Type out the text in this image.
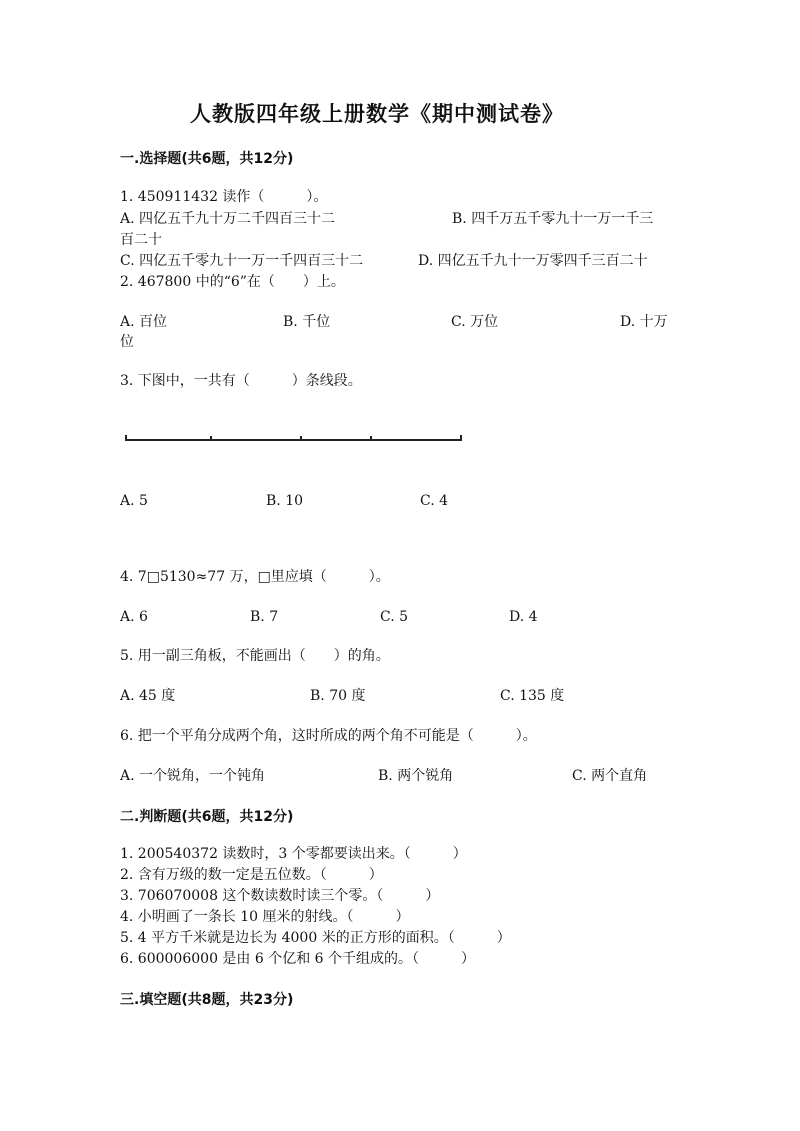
人教版四年级上册数学《期中测试卷》
一.选择题(共6题，共12分)
1. 450911432 读作（　　　）。
A. 四亿五千九十万二千四百三十二	B. 四千万五千零九十一万一千三
百二十
C. 四亿五千零九十一万一千四百三十二	D. 四亿五千九十一万零四千三百二十
2. 467800 中的“6”在（　　）上。
A. 百位	B. 千位	C. 万位	D. 十万
位
3. 下图中，一共有（　　　）条线段。
A. 5	B. 10	C. 4
4. 7□5130≈77 万，□里应填（　　　）。
A. 6	B. 7	C. 5	D. 4
5. 用一副三角板，不能画出（　　）的角。
A. 45 度	B. 70 度	C. 135 度
6. 把一个平角分成两个角，这时所成的两个角不可能是（　　　）。
A. 一个锐角，一个钝角	B. 两个锐角	C. 两个直角
二.判断题(共6题，共12分)
1. 200540372 读数时，3 个零都要读出来。（　　　）
2. 含有万级的数一定是五位数。（　　　）
3. 706070008 这个数读数时读三个零。（　　　）
4. 小明画了一条长 10 厘米的射线。（　　　）
5. 4 平方千米就是边长为 4000 米的正方形的面积。（　　　）
6. 600006000 是由 6 个亿和 6 个千组成的。（　　　）
三.填空题(共8题，共23分)
